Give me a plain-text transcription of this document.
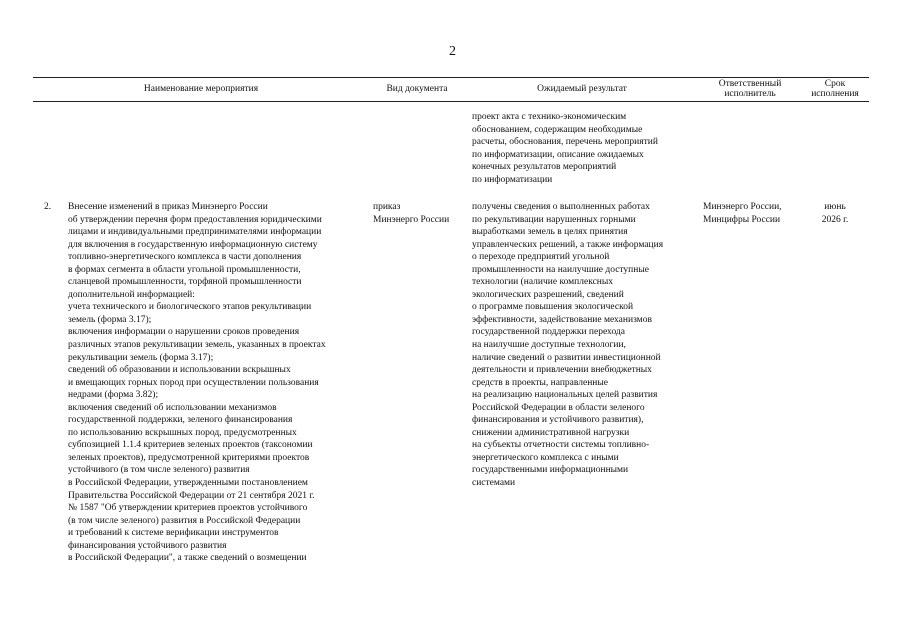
2
Наименование мероприятия	Вид документа	Ожидаемый результат
Ответственный
исполнитель
Срок
исполнения
проект акта с технико-экономическим
обоснованием, содержащим необходимые
расчеты, обоснования, перечень мероприятий
по информатизации, описание ожидаемых
конечных результатов мероприятий
по информатизации
2. Внесение изменений в приказ Минэнерго России
об утверждении перечня форм предоставления юридическими
лицами и индивидуальными предпринимателями информации
для включения в государственную информационную систему
топливно-энергетического комплекса в части дополнения
в формах сегмента в области угольной промышленности,
сланцевой промышленности, торфяной промышленности
дополнительной информацией:
учета технического и биологического этапов рекультивации
земель (форма 3.17);
включения информации о нарушении сроков проведения
различных этапов рекультивации земель, указанных в проектах
рекультивации земель (форма 3.17);
сведений об образовании и использовании вскрышных
и вмещающих горных пород при осуществлении пользования
недрами (форма 3.82);
включения сведений об использовании механизмов
государственной поддержки, зеленого финансирования
по использованию вскрышных пород, предусмотренных
субпозицией 1.1.4 критериев зеленых проектов (таксономии
зеленых проектов), предусмотренной критериями проектов
устойчивого (в том числе зеленого) развития
в Российской Федерации, утвержденными постановлением
Правительства Российской Федерации от 21 сентября 2021 г.
№ 1587 "Об утверждении критериев проектов устойчивого
(в том числе зеленого) развития в Российской Федерации
и требований к системе верификации инструментов
финансирования устойчивого развития
в Российской Федерации", а также сведений о возмещении
приказ
Минэнерго России
получены сведения о выполненных работах
по рекультивации нарушенных горными
выработками земель в целях принятия
управленческих решений, а также информация
о переходе предприятий угольной
промышленности на наилучшие доступные
технологии (наличие комплексных
экологических разрешений, сведений
о программе повышения экологической
эффективности, задействование механизмов
государственной поддержки перехода
на наилучшие доступные технологии,
наличие сведений о развитии инвестиционной
деятельности и привлечении внебюджетных
средств в проекты, направленные
на реализацию национальных целей развития
Российской Федерации в области зеленого
финансирования и устойчивого развития),
снижении административной нагрузки
на субъекты отчетности системы топливно-
энергетического комплекса с иными
государственными информационными
системами
Минэнерго России,
Минцифры России
июнь
2026 г.
